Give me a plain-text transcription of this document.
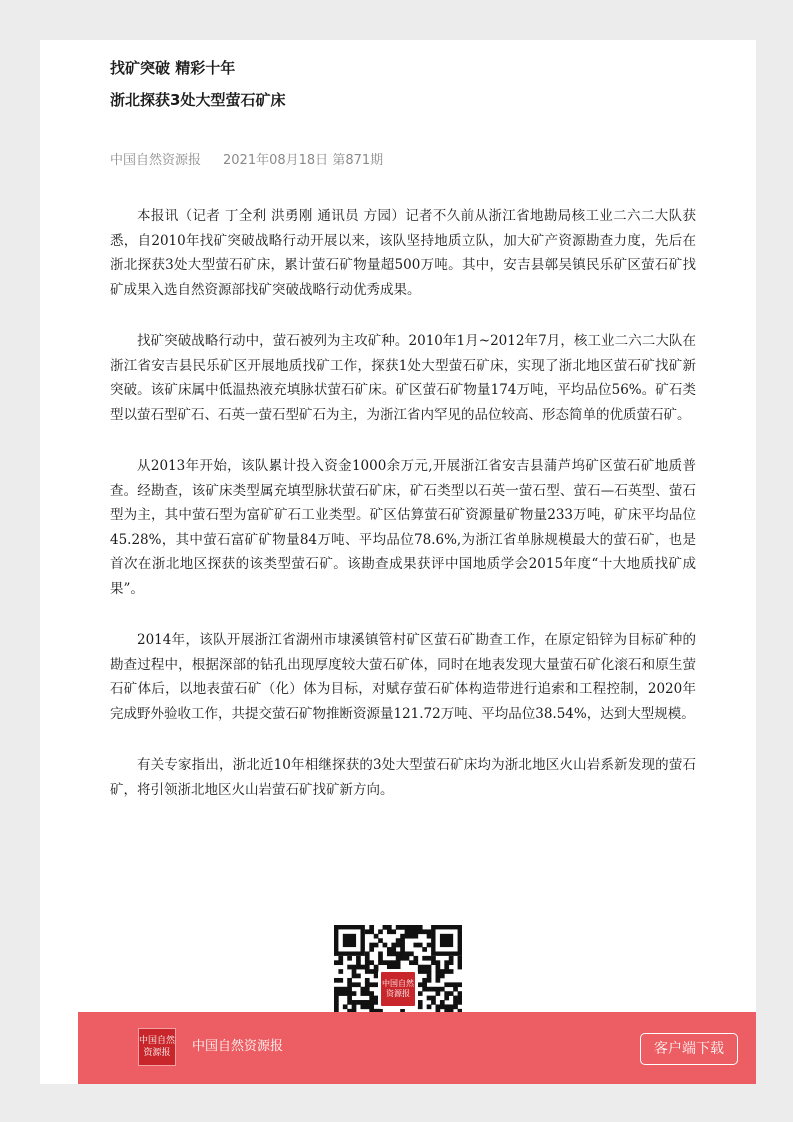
找矿突破 精彩十年
浙北探获3处大型萤石矿床
中国自然资源报 2021年08月18日 第871期

本报讯（记者 丁全利 洪勇刚 通讯员 方园）记者不久前从浙江省地勘局核工业二六二大队获悉，自2010年找矿突破战略行动开展以来，该队坚持地质立队，加大矿产资源勘查力度，先后在浙北探获3处大型萤石矿床，累计萤石矿物量超500万吨。其中，安吉县鄣吴镇民乐矿区萤石矿找矿成果入选自然资源部找矿突破战略行动优秀成果。

找矿突破战略行动中，萤石被列为主攻矿种。2010年1月~2012年7月，核工业二六二大队在浙江省安吉县民乐矿区开展地质找矿工作，探获1处大型萤石矿床，实现了浙北地区萤石矿找矿新突破。该矿床属中低温热液充填脉状萤石矿床。矿区萤石矿物量174万吨，平均品位56%。矿石类型以萤石型矿石、石英一萤石型矿石为主，为浙江省内罕见的品位较高、形态简单的优质萤石矿。

从2013年开始，该队累计投入资金1000余万元,开展浙江省安吉县蒲芦坞矿区萤石矿地质普查。经勘查，该矿床类型属充填型脉状萤石矿床，矿石类型以石英一萤石型、萤石—石英型、萤石型为主，其中萤石型为富矿矿石工业类型。矿区估算萤石矿资源量矿物量233万吨，矿床平均品位45.28%，其中萤石富矿矿物量84万吨、平均品位78.6%,为浙江省单脉规模最大的萤石矿，也是首次在浙北地区探获的该类型萤石矿。该勘查成果获评中国地质学会2015年度“十大地质找矿成果”。

2014年，该队开展浙江省湖州市埭溪镇管村矿区萤石矿勘查工作，在原定铅锌为目标矿种的勘查过程中，根据深部的钻孔出现厚度较大萤石矿体，同时在地表发现大量萤石矿化滚石和原生萤石矿体后，以地表萤石矿（化）体为目标，对赋存萤石矿体构造带进行追索和工程控制，2020年完成野外验收工作，共提交萤石矿物推断资源量121.72万吨、平均品位38.54%，达到大型规模。

有关专家指出，浙北近10年相继探获的3处大型萤石矿床均为浙北地区火山岩系新发现的萤石矿，将引领浙北地区火山岩萤石矿找矿新方向。

中国自然资源报
中国自然资源报	中国自然资源报	客户端下载
